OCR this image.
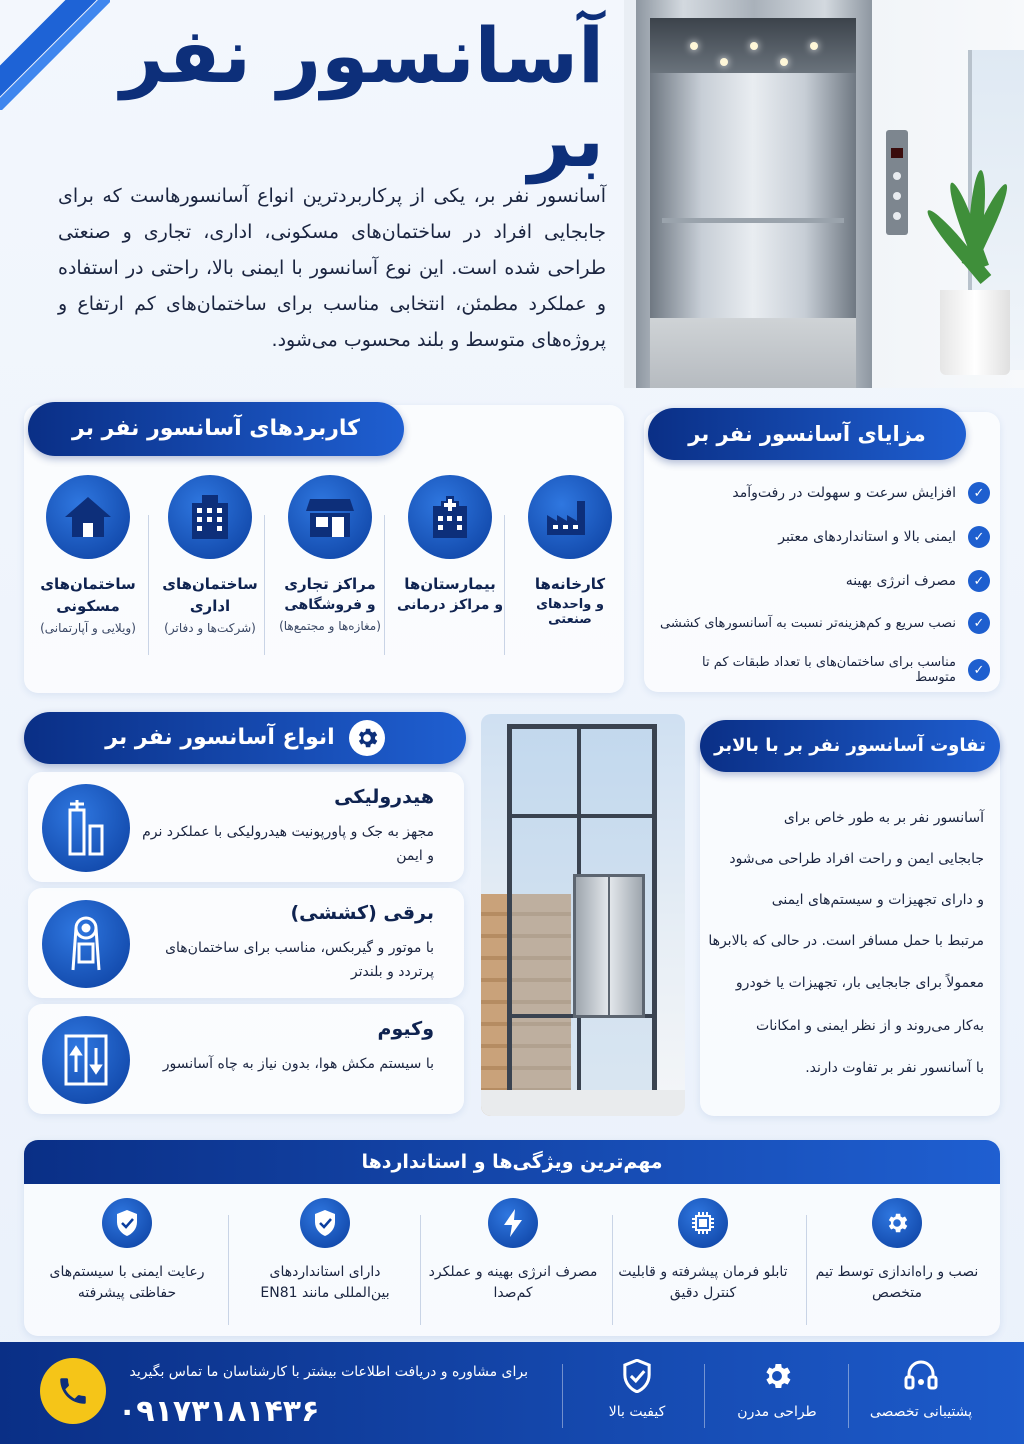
آسانسور نفر بر
آسانسور نفر بر، یکی از پرکاربردترین انواع آسانسورهاست که برای جابجایی افراد در ساختمان‌های مسکونی، اداری، تجاری و صنعتی طراحی شده است. این نوع آسانسور با ایمنی بالا، راحتی در استفاده و عملکرد مطمئن، انتخابی مناسب برای ساختمان‌های کم ارتفاع و پروژه‌های متوسط و بلند محسوب می‌شود.
کاربردهای آسانسور نفر بر
کارخانه‌ها
و واحدهای صنعتی
بیمارستان‌ها
و مراکز درمانی
مراکز تجاری
و فروشگاهی
(مغازه‌ها و مجتمع‌ها)
ساختمان‌های
اداری
(شرکت‌ها و دفاتر)
ساختمان‌های
مسکونی
(ویلایی و آپارتمانی)
مزایای آسانسور نفر بر
✓
افزایش سرعت و سهولت در رفت‌وآمد
✓
ایمنی بالا و استانداردهای معتبر
✓
مصرف انرژی بهینه
✓
نصب سریع و کم‌هزینه‌تر نسبت به آسانسورهای کششی
✓
مناسب برای ساختمان‌های با تعداد طبقات کم تا متوسط
انواع آسانسور نفر بر
هیدرولیکی
مجهز به جک و پاورپونیت هیدرولیکی با عملکرد نرم و ایمن
برقی (کششی)
با موتور و گیربکس، مناسب برای ساختمان‌های پرتردد و بلندتر
وکیوم
با سیستم مکش هوا، بدون نیاز به چاه آسانسور
تفاوت آسانسور نفر بر با بالابر
آسانسور نفر بر به طور خاص برای
جابجایی ایمن و راحت افراد طراحی می‌شود
و دارای تجهیزات و سیستم‌های ایمنی
مرتبط با حمل مسافر است. در حالی که بالابرها
معمولاً برای جابجایی بار، تجهیزات یا خودرو
به‌کار می‌روند و از نظر ایمنی و امکانات
با آسانسور نفر بر تفاوت دارند.
مهم‌ترین ویژگی‌ها و استانداردها
نصب و راه‌اندازی توسط تیم متخصص
تابلو فرمان پیشرفته و قابلیت کنترل دقیق
مصرف انرژی بهینه و عملکرد کم‌صدا
دارای استانداردهای بین‌المللی مانند EN81
رعایت ایمنی با سیستم‌های حفاظتی پیشرفته
پشتیبانی تخصصی
طراحی مدرن
کیفیت بالا
برای مشاوره و دریافت اطلاعات بیشتر با کارشناسان ما تماس بگیرید
۰۹۱۷۳۱۸۱۴۳۶
